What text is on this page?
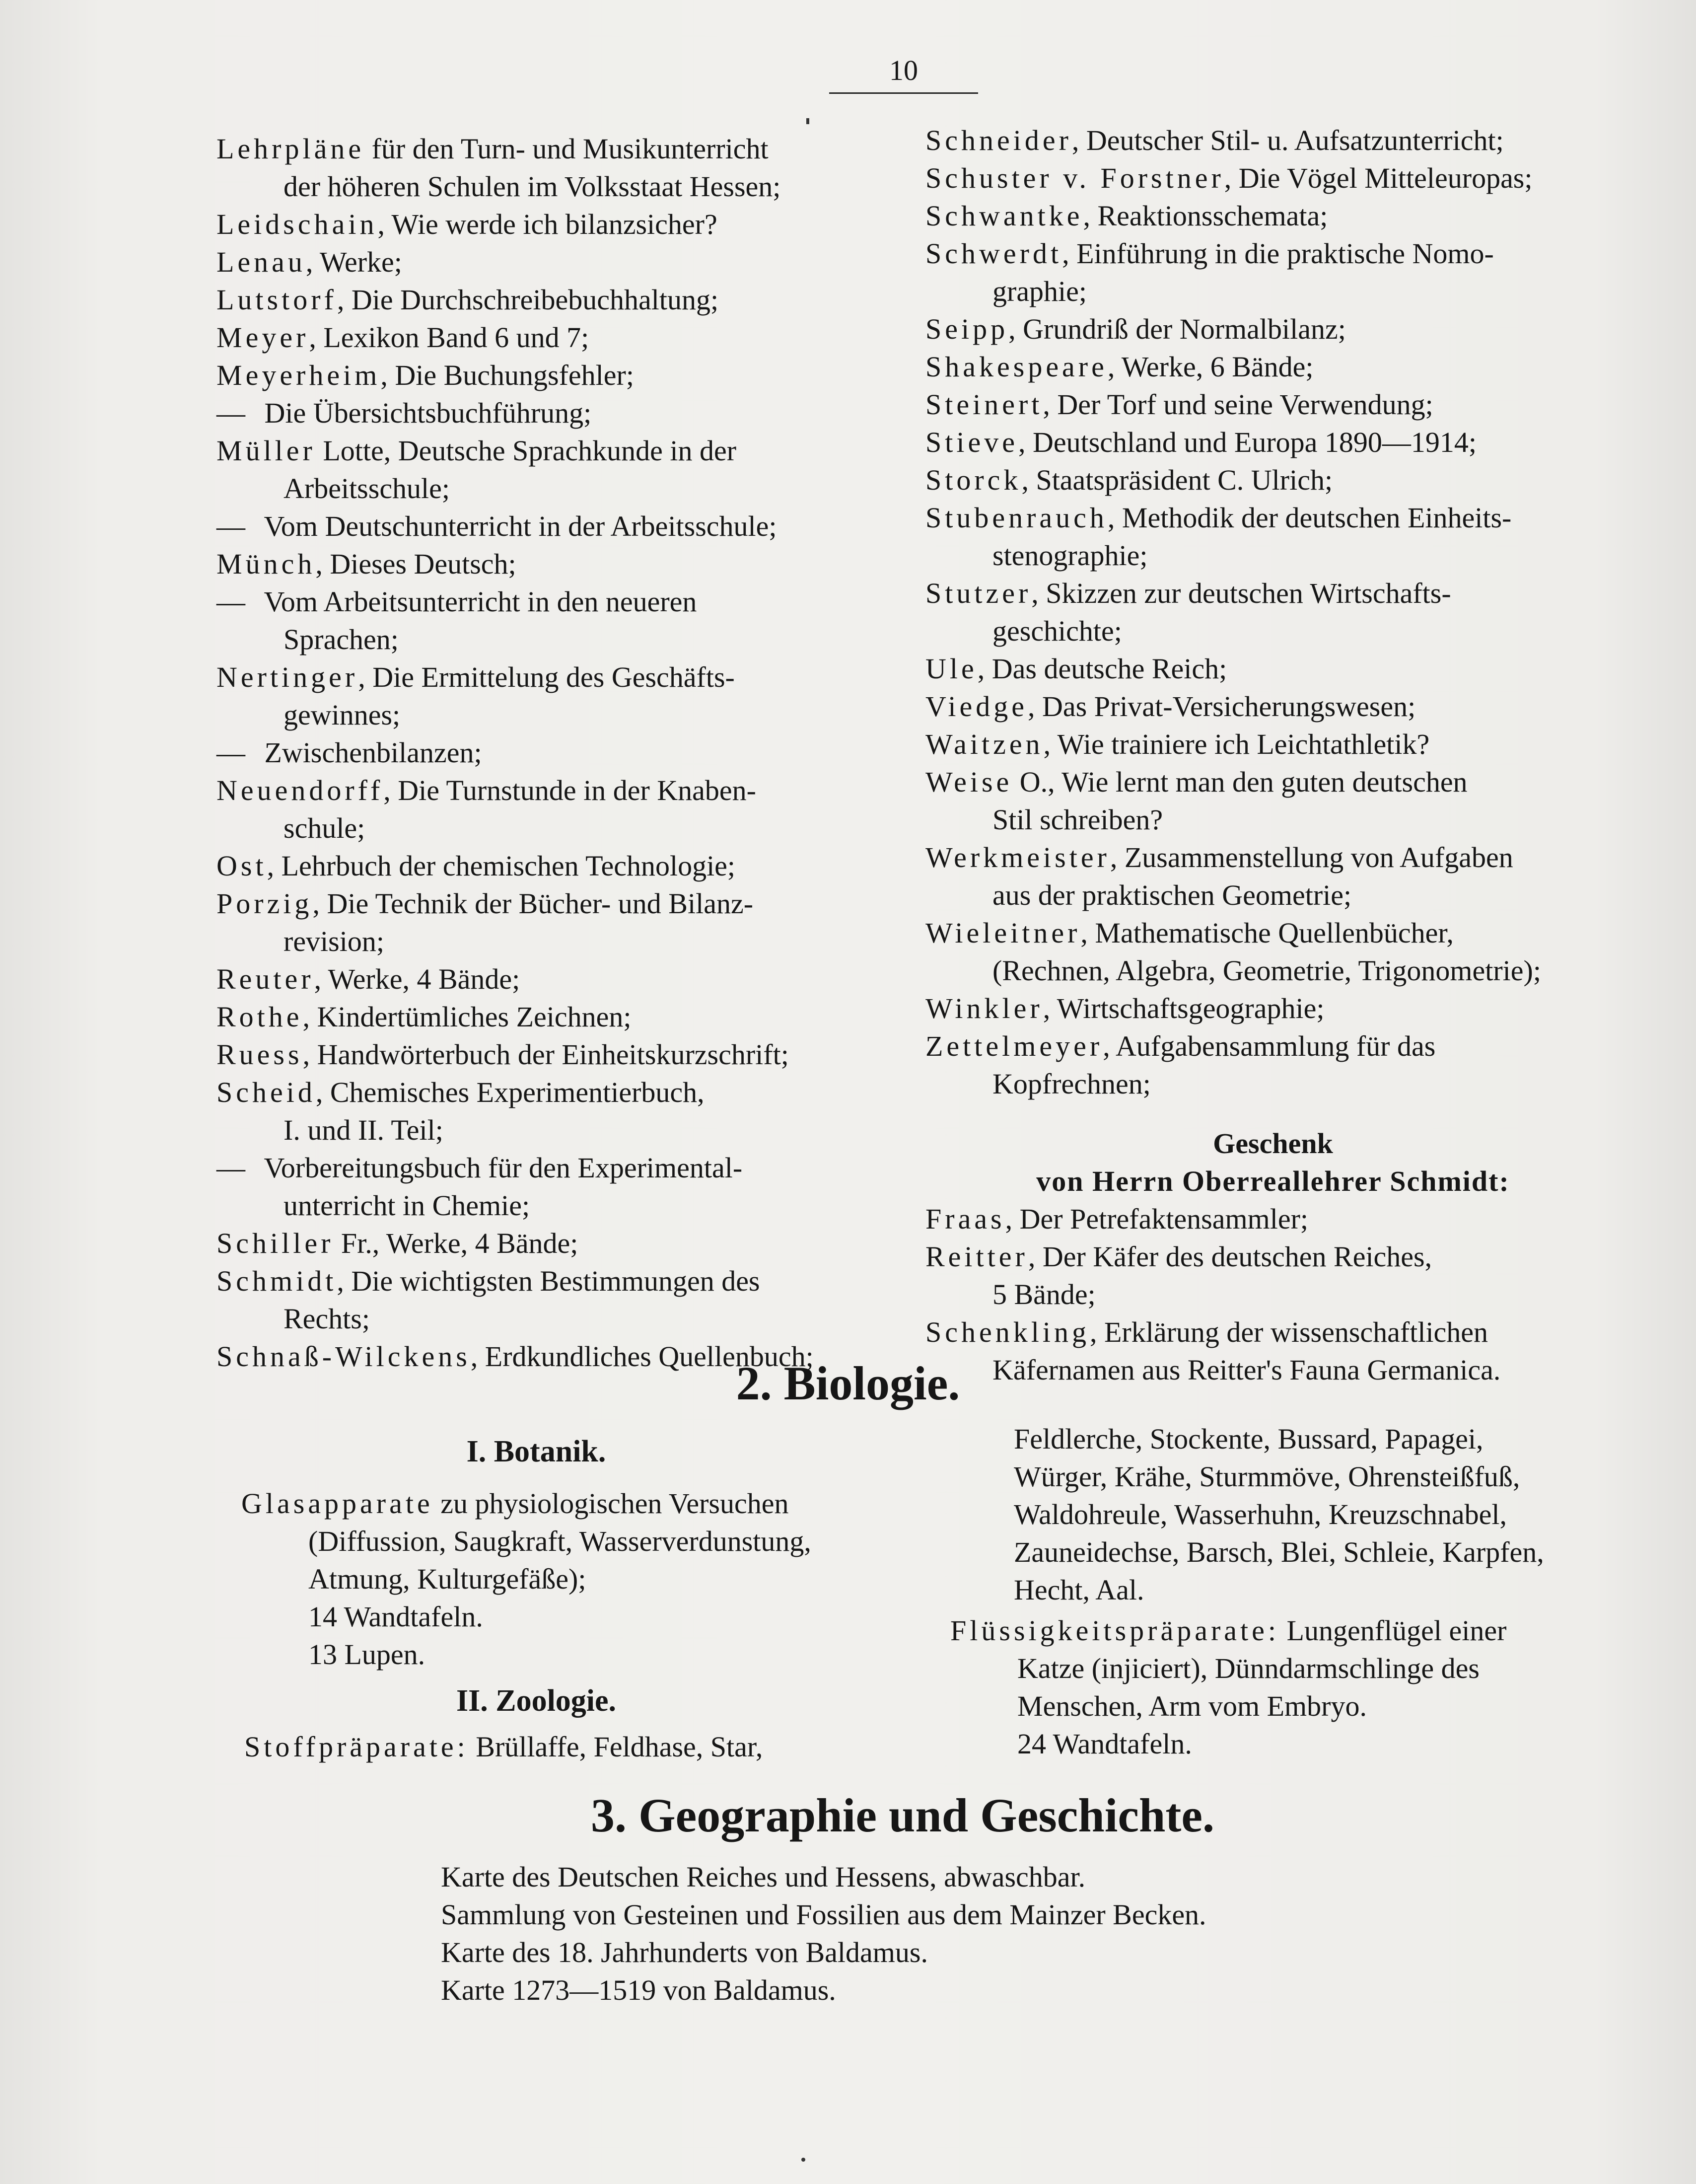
10

Lehrpläne für den Turn- und Musikunterricht

der höheren Schulen im Volksstaat Hessen;

Leidschain, Wie werde ich bilanzsicher?

Lenau, Werke;

Lutstorf, Die Durchschreibebuchhaltung;

Meyer, Lexikon Band 6 und 7;

Meyerheim, Die Buchungsfehler;

— Die Übersichtsbuchführung;

Müller Lotte, Deutsche Sprachkunde in der

Arbeitsschule;

— Vom Deutschunterricht in der Arbeitsschule;

Münch, Dieses Deutsch;

— Vom Arbeitsunterricht in den neueren

Sprachen;

Nertinger, Die Ermittelung des Geschäfts-

gewinnes;

— Zwischenbilanzen;

Neuendorff, Die Turnstunde in der Knaben-

schule;

Ost, Lehrbuch der chemischen Technologie;

Porzig, Die Technik der Bücher- und Bilanz-

revision;

Reuter, Werke, 4 Bände;

Rothe, Kindertümliches Zeichnen;

Ruess, Handwörterbuch der Einheitskurzschrift;

Scheid, Chemisches Experimentierbuch,

I. und II. Teil;

— Vorbereitungsbuch für den Experimental-

unterricht in Chemie;

Schiller Fr., Werke, 4 Bände;

Schmidt, Die wichtigsten Bestimmungen des

Rechts;

Schnaß-Wilckens, Erdkundliches Quellenbuch;

Schneider, Deutscher Stil- u. Aufsatzunterricht;

Schuster v. Forstner, Die Vögel Mitteleuropas;

Schwantke, Reaktionsschemata;

Schwerdt, Einführung in die praktische Nomo-

graphie;

Seipp, Grundriß der Normalbilanz;

Shakespeare, Werke, 6 Bände;

Steinert, Der Torf und seine Verwendung;

Stieve, Deutschland und Europa 1890—1914;

Storck, Staatspräsident C. Ulrich;

Stubenrauch, Methodik der deutschen Einheits-

stenographie;

Stutzer, Skizzen zur deutschen Wirtschafts-

geschichte;

Ule, Das deutsche Reich;

Viedge, Das Privat-Versicherungswesen;

Waitzen, Wie trainiere ich Leichtathletik?

Weise O., Wie lernt man den guten deutschen

Stil schreiben?

Werkmeister, Zusammenstellung von Aufgaben

aus der praktischen Geometrie;

Wieleitner, Mathematische Quellenbücher,

(Rechnen, Algebra, Geometrie, Trigonometrie);

Winkler, Wirtschaftsgeographie;

Zettelmeyer, Aufgabensammlung für das

Kopfrechnen;

Geschenk
von Herrn Oberreallehrer Schmidt:

Fraas, Der Petrefaktensammler;

Reitter, Der Käfer des deutschen Reiches,

5 Bände;

Schenkling, Erklärung der wissenschaftlichen

Käfernamen aus Reitter's Fauna Germanica.

2. Biologie.
I. Botanik.

Glasapparate zu physiologischen Versuchen

(Diffussion, Saugkraft, Wasserverdunstung,

Atmung, Kulturgefäße);

14 Wandtafeln.

13 Lupen.

II. Zoologie.

Stoffpräparate: Brüllaffe, Feldhase, Star,

Feldlerche, Stockente, Bussard, Papagei,

Würger, Krähe, Sturmmöve, Ohrensteißfuß,

Waldohreule, Wasserhuhn, Kreuzschnabel,

Zauneidechse, Barsch, Blei, Schleie, Karpfen,

Hecht, Aal.

Flüssigkeitspräparate: Lungenflügel einer

Katze (injiciert), Dünndarmschlinge des

Menschen, Arm vom Embryo.

24 Wandtafeln.

3. Geographie und Geschichte.

Karte des Deutschen Reiches und Hessens, abwaschbar.

Sammlung von Gesteinen und Fossilien aus dem Mainzer Becken.

Karte des 18. Jahrhunderts von Baldamus.

Karte 1273—1519 von Baldamus.
